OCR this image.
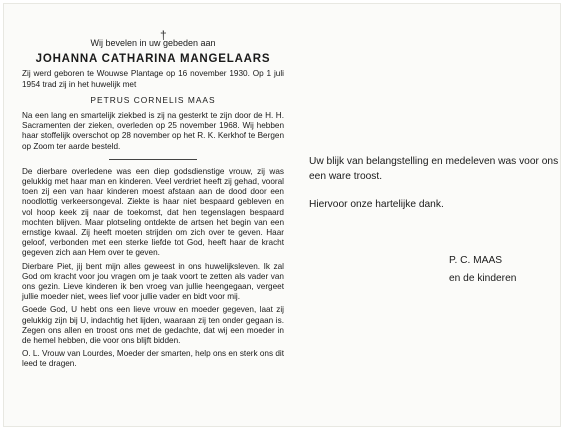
†
Wij bevelen in uw gebeden aan
JOHANNA CATHARINA MANGELAARS

Zij werd geboren te Wouwse Plantage op 16 november 1930. Op 1 juli 1954 trad zij in het huwelijk met

PETRUS CORNELIS MAAS

Na een lang en smartelijk ziekbed is zij na gesterkt te zijn door de H. H. Sacramenten der zieken, overleden op 25 november 1968. Wij hebben haar stoffelijk overschot op 28 november op het R. K. Kerkhof te Bergen op Zoom ter aarde besteld.

De dierbare overledene was een diep godsdienstige vrouw, zij was gelukkig met haar man en kinderen. Veel verdriet heeft zij gehad, vooral toen zij een van haar kinderen moest afstaan aan de dood door een noodlottig verkeersongeval. Ziekte is haar niet bespaard gebleven en vol hoop keek zij naar de toekomst, dat hen tegenslagen bespaard mochten blijven. Maar plotseling ontdekte de artsen het begin van een ernstige kwaal. Zij heeft moeten strijden om zich over te geven. Haar geloof, verbonden met een sterke liefde tot God, heeft haar de kracht gegeven zich aan Hem over te geven.

Dierbare Piet, jij bent mijn alles geweest in ons huwelijksleven. Ik zal God om kracht voor jou vragen om je taak voort te zetten als vader van ons gezin. Lieve kinderen ik ben vroeg van jullie heengegaan, vergeet jullie moeder niet, wees lief voor jullie vader en bidt voor mij.

Goede God, U hebt ons een lieve vrouw en moeder gegeven, laat zij gelukkig zijn bij U, indachtig het lijden, waaraan zij ten onder gegaan is. Zegen ons allen en troost ons met de gedachte, dat wij een moeder in de hemel hebben, die voor ons blijft bidden.

O. L. Vrouw van Lourdes, Moeder der smarten, help ons en sterk ons dit leed te dragen.

Uw blijk van belangstelling en medeleven was voor ons een ware troost.

Hiervoor onze hartelijke dank.

P. C. MAAS
en de kinderen
